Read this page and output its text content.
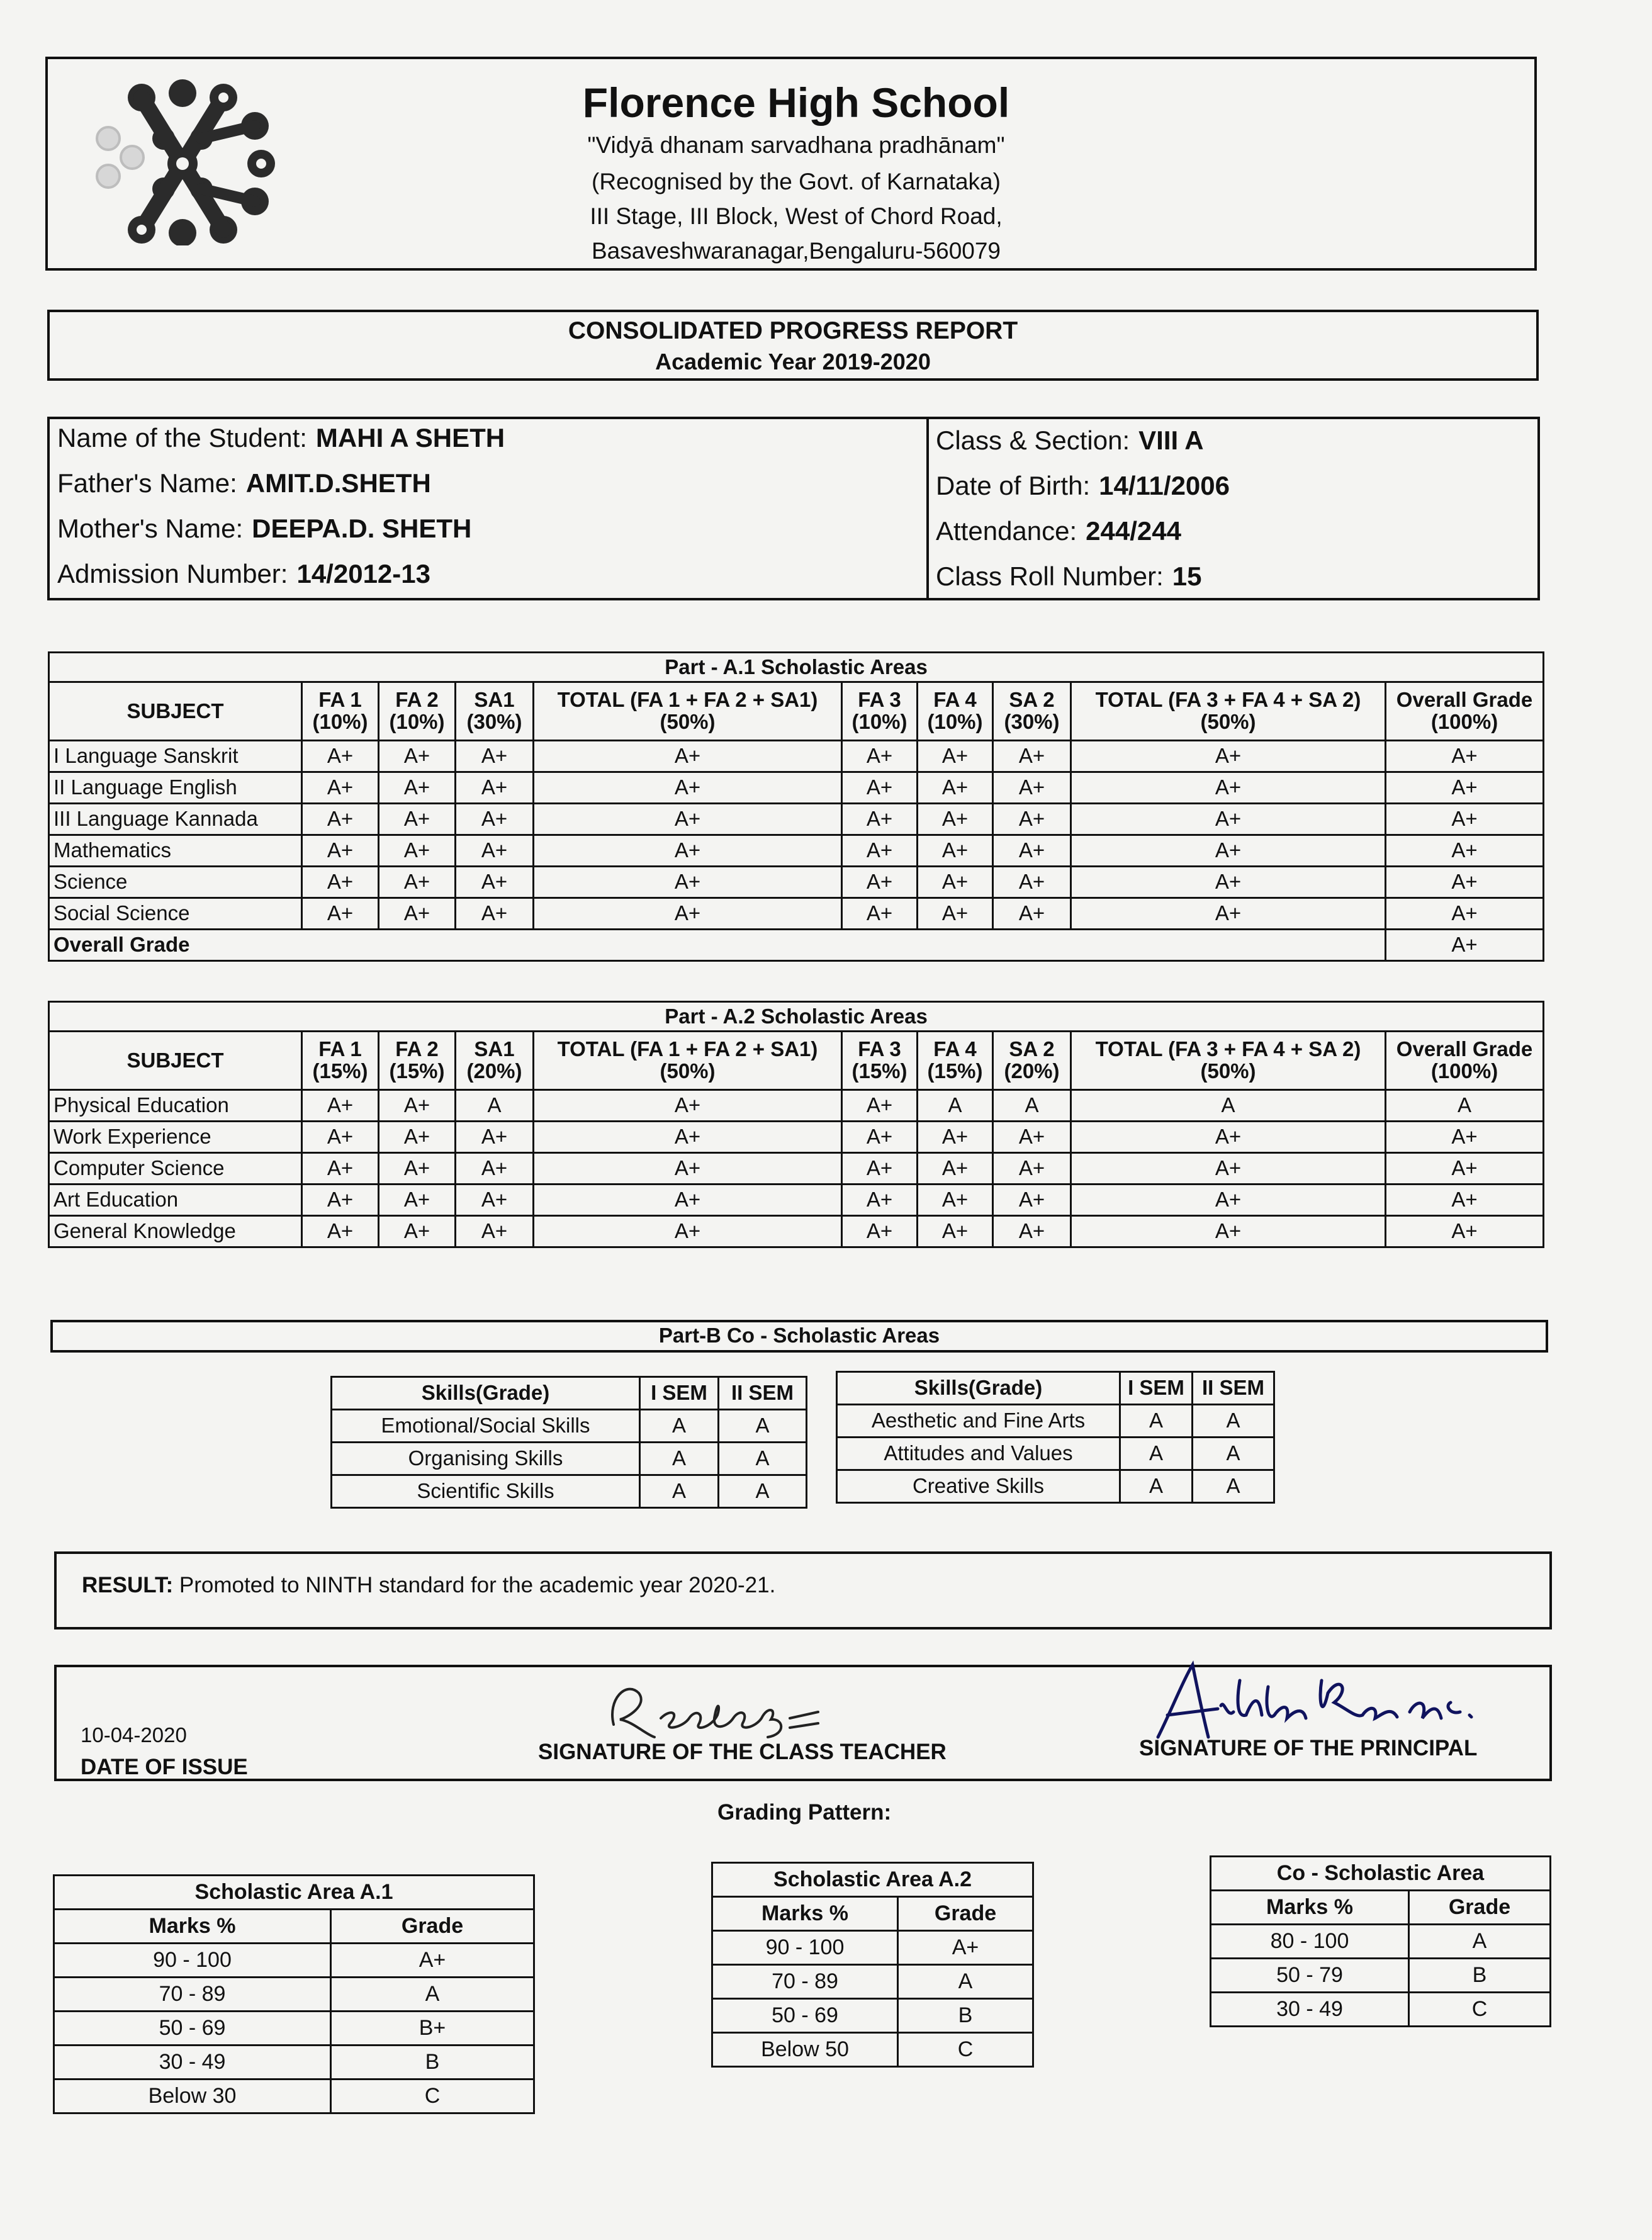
Florence High School
"Vidyā dhanam sarvadhana pradhānam"
(Recognised by the Govt. of Karnataka)
III Stage, III Block, West of Chord Road,
Basaveshwaranagar,Bengaluru-560079
CONSOLIDATED PROGRESS REPORT
Academic Year 2019-2020
Name of the Student: MAHI A SHETH
Father's Name: AMIT.D.SHETH
Mother's Name: DEEPA.D. SHETH
Admission Number: 14/2012-13
Class & Section: VIII A
Date of Birth: 14/11/2006
Attendance: 244/244
Class Roll Number: 15
Part - A.1 Scholastic Areas									
SUBJECT	FA 1 (10%)	FA 2 (10%)	SA1 (30%)	TOTAL (FA 1 + FA 2 + SA1) (50%)	FA 3 (10%)	FA 4 (10%)	SA 2 (30%)	TOTAL (FA 3 + FA 4 + SA 2) (50%)	Overall Grade (100%)
I Language Sanskrit	A+	A+	A+	A+	A+	A+	A+	A+	A+
II Language English	A+	A+	A+	A+	A+	A+	A+	A+	A+
III Language Kannada	A+	A+	A+	A+	A+	A+	A+	A+	A+
Mathematics	A+	A+	A+	A+	A+	A+	A+	A+	A+
Science	A+	A+	A+	A+	A+	A+	A+	A+	A+
Social Science	A+	A+	A+	A+	A+	A+	A+	A+	A+
Overall Grade									A+
Part - A.2 Scholastic Areas									
SUBJECT	FA 1 (15%)	FA 2 (15%)	SA1 (20%)	TOTAL (FA 1 + FA 2 + SA1) (50%)	FA 3 (15%)	FA 4 (15%)	SA 2 (20%)	TOTAL (FA 3 + FA 4 + SA 2) (50%)	Overall Grade (100%)
Physical Education	A+	A+	A	A+	A+	A	A	A	A
Work Experience	A+	A+	A+	A+	A+	A+	A+	A+	A+
Computer Science	A+	A+	A+	A+	A+	A+	A+	A+	A+
Art Education	A+	A+	A+	A+	A+	A+	A+	A+	A+
General Knowledge	A+	A+	A+	A+	A+	A+	A+	A+	A+
Part-B Co - Scholastic Areas
Skills(Grade)	I SEM	II SEM
Emotional/Social Skills	A	A
Organising Skills	A	A
Scientific Skills	A	A
Skills(Grade)	I SEM	II SEM
Aesthetic and Fine Arts	A	A
Attitudes and Values	A	A
Creative Skills	A	A
RESULT: Promoted to NINTH standard for the academic year 2020-21.
10-04-2020
DATE OF ISSUE
SIGNATURE OF THE CLASS TEACHER	SIGNATURE OF THE PRINCIPAL
Grading Pattern:
Scholastic Area A.1	
Marks %	Grade
90 - 100	A+
70 - 89	A
50 - 69	B+
30 - 49	B
Below 30	C
Scholastic Area A.2	
Marks %	Grade
90 - 100	A+
70 - 89	A
50 - 69	B
Below 50	C
Co - Scholastic Area	
Marks %	Grade
80 - 100	A
50 - 79	B
30 - 49	C
